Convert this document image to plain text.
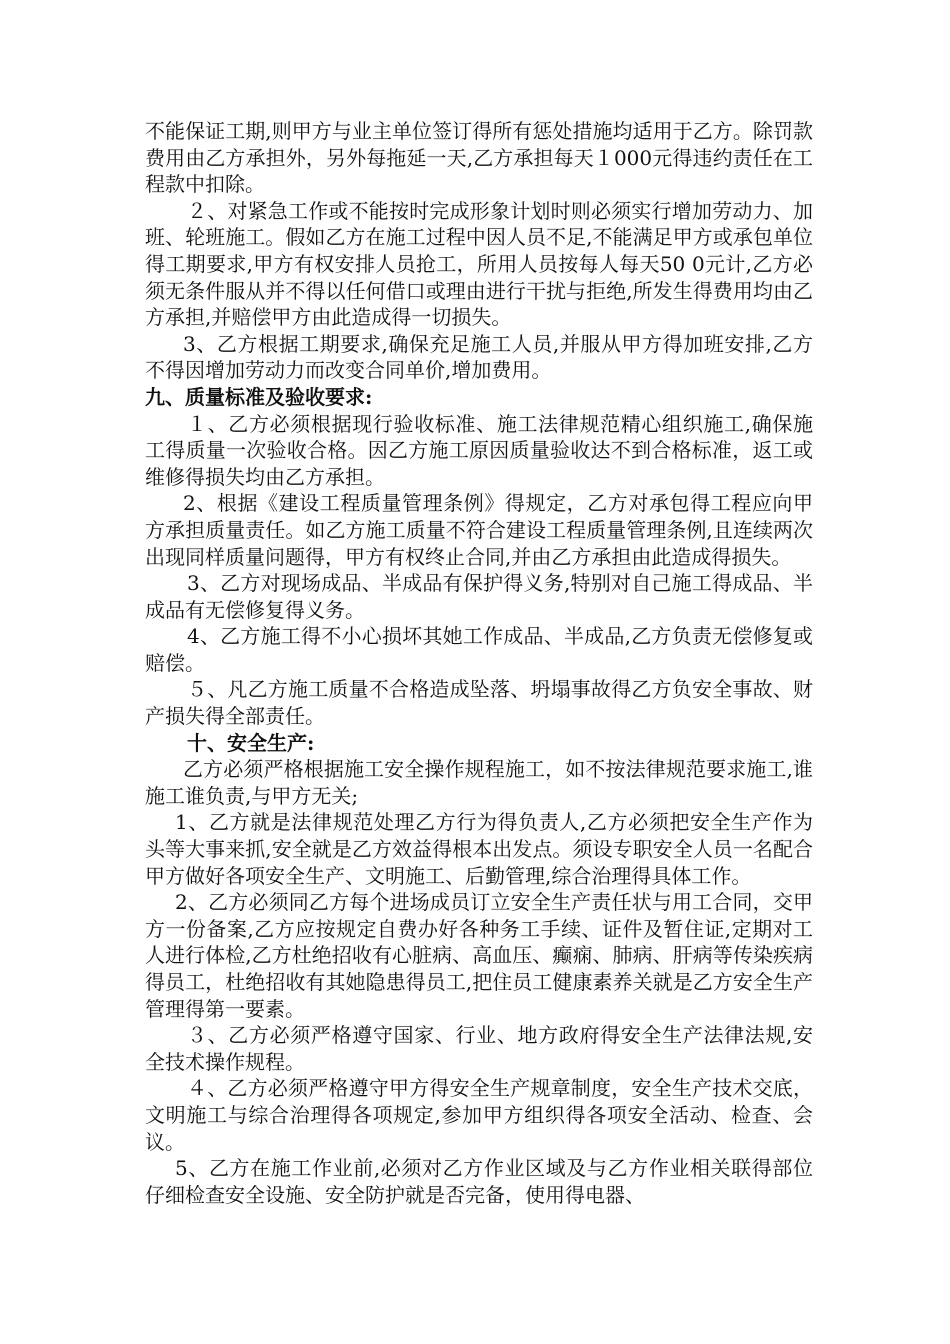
不能保证工期,则甲方与业主单位签订得所有惩处措施均适用于乙方。除罚款费用由乙方承担外，另外每拖延一天,乙方承担每天１000元得违约责任在工程款中扣除。

２、对紧急工作或不能按时完成形象计划时则必须实行增加劳动力、加班、轮班施工。假如乙方在施工过程中因人员不足,不能满足甲方或承包单位得工期要求,甲方有权安排人员抢工，所用人员按每人每天50 0元计,乙方必须无条件服从并不得以任何借口或理由进行干扰与拒绝,所发生得费用均由乙方承担,并赔偿甲方由此造成得一切损失。

3、乙方根据工期要求,确保充足施工人员,并服从甲方得加班安排,乙方不得因增加劳动力而改变合同单价,增加费用。

九、质量标准及验收要求:

１、乙方必须根据现行验收标准、施工法律规范精心组织施工,确保施工得质量一次验收合格。因乙方施工原因质量验收达不到合格标准，返工或维修得损失均由乙方承担。

2、根据《建设工程质量管理条例》得规定，乙方对承包得工程应向甲方承担质量责任。如乙方施工质量不符合建设工程质量管理条例,且连续两次出现同样质量问题得，甲方有权终止合同,并由乙方承担由此造成得损失。

3、乙方对现场成品、半成品有保护得义务,特别对自己施工得成品、半成品有无偿修复得义务。

4、乙方施工得不小心损坏其她工作成品、半成品,乙方负责无偿修复或赔偿。

５、凡乙方施工质量不合格造成坠落、坍塌事故得乙方负安全事故、财产损失得全部责任。

十、安全生产:

乙方必须严格根据施工安全操作规程施工，如不按法律规范要求施工,谁施工谁负责,与甲方无关;

1、乙方就是法律规范处理乙方行为得负责人,乙方必须把安全生产作为头等大事来抓,安全就是乙方效益得根本出发点。须设专职安全人员一名配合甲方做好各项安全生产、文明施工、后勤管理,综合治理得具体工作。

2、乙方必须同乙方每个进场成员订立安全生产责任状与用工合同，交甲方一份备案,乙方应按规定自费办好各种务工手续、证件及暂住证,定期对工人进行体检,乙方杜绝招收有心脏病、高血压、癫痫、肺病、肝病等传染疾病得员工，杜绝招收有其她隐患得员工,把住员工健康素养关就是乙方安全生产管理得第一要素。

３、乙方必须严格遵守国家、行业、地方政府得安全生产法律法规,安全技术操作规程。

４、乙方必须严格遵守甲方得安全生产规章制度，安全生产技术交底，文明施工与综合治理得各项规定,参加甲方组织得各项安全活动、检查、会议。

5、乙方在施工作业前,必须对乙方作业区域及与乙方作业相关联得部位仔细检查安全设施、安全防护就是否完备，使用得电器、
